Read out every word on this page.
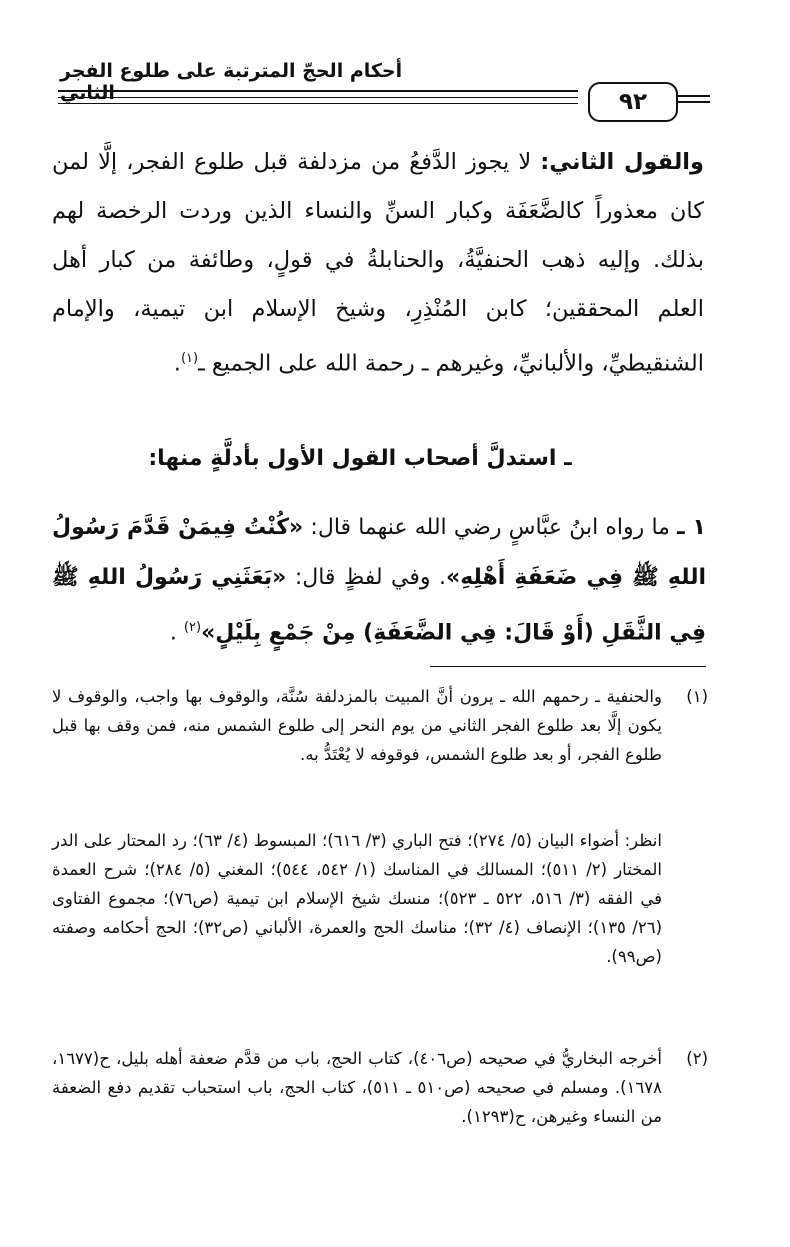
أحكام الحجّ المترتبة على طلوع الفجر الثاني	٩٢
والقول الثاني: لا يجوز الدَّفعُ من مزدلفة قبل طلوع الفجر، إلَّا لمن كان معذوراً كالضَّعَفَة وكبار السنِّ والنساء الذين وردت الرخصة لهم بذلك. وإليه ذهب الحنفيَّةُ، والحنابلةُ في قولٍ، وطائفة من كبار أهل العلم المحققين؛ كابن المُنْذِرِ، وشيخ الإسلام ابن تيمية، والإمام الشنقيطيِّ، والألبانيِّ، وغيرهم ـ رحمة الله على الجميع ـ$^{(١)}$.
ـ استدلَّ أصحاب القول الأول بأدلَّةٍ منها:
١ ـ ما رواه ابنُ عبَّاسٍ رضي الله عنهما قال: «كُنْتُ فِيمَنْ قَدَّمَ رَسُولُ اللهِ ﷺ فِي ضَعَفَةِ أَهْلِهِ». وفي لفظٍ قال: «بَعَثَنِي رَسُولُ اللهِ ﷺ فِي الثَّقَلِ (أَوْ قَالَ: فِي الضَّعَفَةِ) مِنْ جَمْعٍ بِلَيْلٍ»$^{(٢)}$ .
(١)
والحنفية ـ رحمهم الله ـ يرون أنَّ المبيت بالمزدلفة سُنَّة، والوقوف بها واجب، والوقوف لا يكون إلَّا بعد طلوع الفجر الثاني من يوم النحر إلى طلوع الشمس منه، فمن وقف بها قبل طلوع الفجر، أو بعد طلوع الشمس، فوقوفه لا يُعْتَدُّ به.
انظر: أضواء البيان (٥/ ٢٧٤)؛ فتح الباري (٣/ ٦١٦)؛ المبسوط (٤/ ٦٣)؛ رد المحتار على الدر المختار (٢/ ٥١١)؛ المسالك في المناسك (١/ ٥٤٢، ٥٤٤)؛ المغني (٥/ ٢٨٤)؛ شرح العمدة في الفقه (٣/ ٥١٦، ٥٢٢ ـ ٥٢٣)؛ منسك شيخ الإسلام ابن تيمية (ص٧٦)؛ مجموع الفتاوى (٢٦/ ١٣٥)؛ الإنصاف (٤/ ٣٢)؛ مناسك الحج والعمرة، الألباني (ص٣٢)؛ الحج أحكامه وصفته (ص٩٩).
(٢)
أخرجه البخاريُّ في صحيحه (ص٤٠٦)، كتاب الحج، باب من قدَّم ضعفة أهله بليل، ح(١٦٧٧، ١٦٧٨). ومسلم في صحيحه (ص٥١٠ ـ ٥١١)، كتاب الحج، باب استحباب تقديم دفع الضعفة من النساء وغيرهن، ح(١٢٩٣).
